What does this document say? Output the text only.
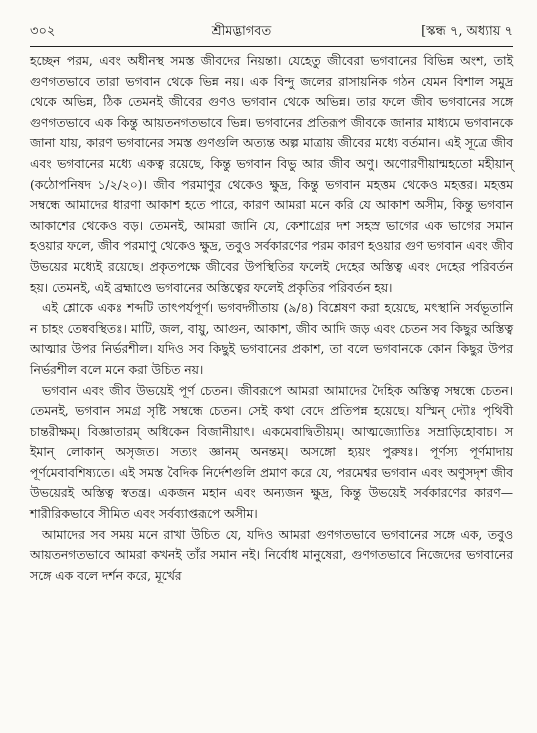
৩০২	শ্রীমদ্ভাগবত	[স্কন্ধ ৭, অধ্যায় ৭

হচ্ছেন পরম, এবং অধীনস্থ সমস্ত জীবদের নিয়ন্তা। যেহেতু জীবেরা ভগবানের বিভিন্ন অংশ, তাই গুণগতভাবে তারা ভগবান থেকে ভিন্ন নয়। এক বিন্দু জলের রাসায়নিক গঠন যেমন বিশাল সমুদ্র থেকে অভিন্ন, ঠিক তেমনই জীবের গুণও ভগবান থেকে অভিন্ন। তার ফলে জীব ভগবানের সঙ্গে গুণগতভাবে এক কিন্তু আয়তনগতভাবে ভিন্ন। ভগবানের প্রতিরূপ জীবকে জানার মাধ্যমে ভগবানকে জানা যায়, কারণ ভগবানের সমস্ত গুণগুলি অত্যন্ত অল্প মাত্রায় জীবের মধ্যে বর্তমান। এই সূত্রে জীব এবং ভগবানের মধ্যে একত্ব রয়েছে, কিন্তু ভগবান বিভু আর জীব অণু। অণোরণীয়ান্মহতো মহীয়ান্ (কঠোপনিষদ ১/২/২০)। জীব পরমাণুর থেকেও ক্ষুদ্র, কিন্তু ভগবান মহত্তম থেকেও মহত্তর। মহত্তম সম্বন্ধে আমাদের ধারণা আকাশ হতে পারে, কারণ আমরা মনে করি যে আকাশ অসীম, কিন্তু ভগবান আকাশের থেকেও বড়। তেমনই, আমরা জানি যে, কেশাগ্রের দশ সহস্র ভাগের এক ভাগের সমান হওয়ার ফলে, জীব পরমাণু থেকেও ক্ষুদ্র, তবুও সর্বকারণের পরম কারণ হওয়ার গুণ ভগবান এবং জীব উভয়ের মধ্যেই রয়েছে। প্রকৃতপক্ষে জীবের উপস্থিতির ফলেই দেহের অস্তিত্ব এবং দেহের পরিবর্তন হয়। তেমনই, এই ব্রহ্মাণ্ডে ভগবানের অস্তিত্বের ফলেই প্রকৃতির পরিবর্তন হয়।

এই শ্লোকে একঃ শব্দটি তাৎপর্যপূর্ণ। ভগবদ্গীতায় (৯/৪) বিশ্লেষণ করা হয়েছে, মৎস্থানি সর্বভূতানি ন চাহং তেষ্ববস্থিতঃ। মাটি, জল, বায়ু, আগুন, আকাশ, জীব আদি জড় এবং চেতন সব কিছুর অস্তিত্ব আত্মার উপর নির্ভরশীল। যদিও সব কিছুই ভগবানের প্রকাশ, তা বলে ভগবানকে কোন কিছুর উপর নির্ভরশীল বলে মনে করা উচিত নয়।

ভগবান এবং জীব উভয়েই পূর্ণ চেতন। জীবরূপে আমরা আমাদের দৈহিক অস্তিত্ব সম্বন্ধে চেতন। তেমনই, ভগবান সমগ্র সৃষ্টি সম্বন্ধে চেতন। সেই কথা বেদে প্রতিপন্ন হয়েছে। যস্মিন্ দ্যৌঃ পৃথিবী চান্তরীক্ষম্। বিজ্ঞাতারম্ অধিকেন বিজানীয়াৎ। একমেবাদ্বিতীয়ম্। আত্মজ্যোতিঃ সম্রাড়িহোবাচ। স ইমান্ লোকান্ অসৃজত। সত্যং জ্ঞানম্ অনন্তম্। অসঙ্গো হ্যয়ং পুরুষঃ। পূর্ণস্য পূর্ণমাদায় পূর্ণমেবাবশিষ্যতে। এই সমস্ত বৈদিক নির্দেশগুলি প্রমাণ করে যে, পরমেশ্বর ভগবান এবং অণুসদৃশ জীব উভয়েরই অস্তিত্ব স্বতন্ত্র। একজন মহান এবং অন্যজন ক্ষুদ্র, কিন্তু উভয়েই সর্বকারণের কারণ—শারীরিকভাবে সীমিত এবং সর্বব্যাপ্তরূপে অসীম।

আমাদের সব সময় মনে রাখা উচিত যে, যদিও আমরা গুণগতভাবে ভগবানের সঙ্গে এক, তবুও আয়তনগতভাবে আমরা কখনই তাঁর সমান নই। নির্বোধ মানুষেরা, গুণগতভাবে নিজেদের ভগবানের সঙ্গে এক বলে দর্শন করে, মূর্খের
